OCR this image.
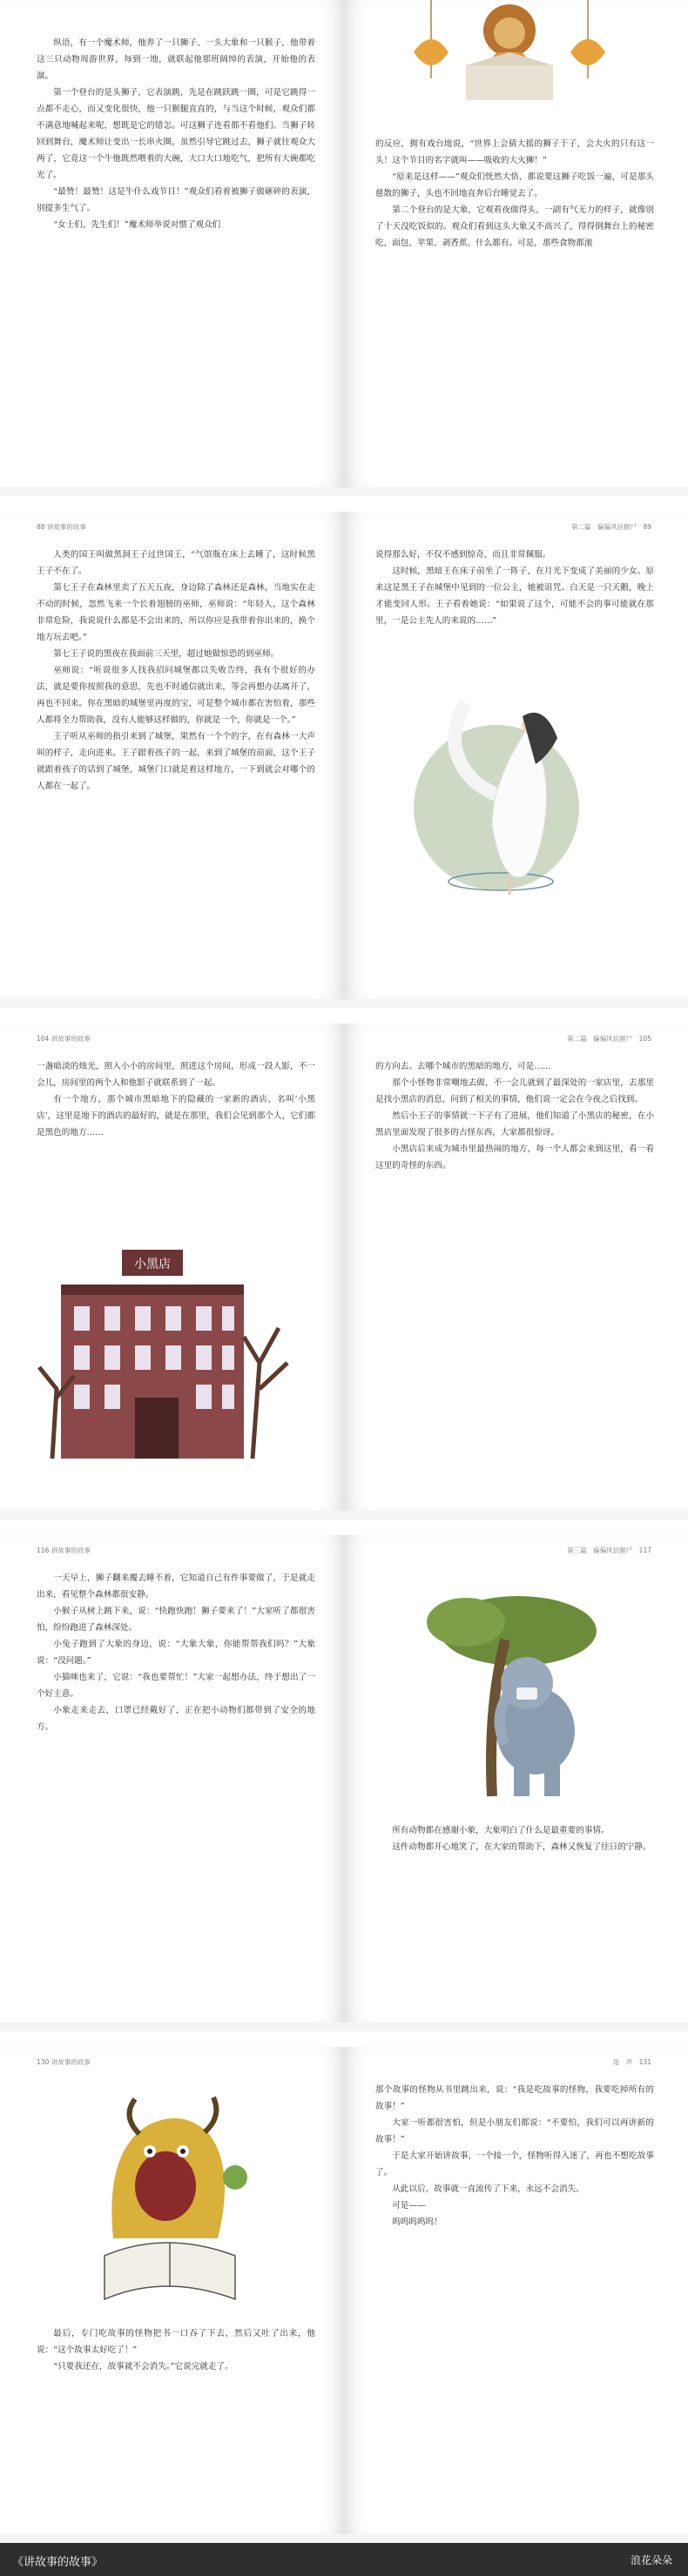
纵语，有一个魔术师，他养了一只狮子、一头大象和一只猴子，他带着这三只动物周游世界，每到一地，就联起他那班阔绰的表演，开始他的表演。

第一个登台的是头狮子，它表演跳，先是在跳跃跳一圈，可是它跳得一点都不走心，而又变化很快，他一只猴腿直直的，与当这个时候，观众们都不满意地喊起来呢，想既是它的错怎。可这狮子连看都不看他们。当狮子转回到舞台，魔术师让变出一长串火圈，虽然引导它跳过去，狮子就往观众大两了，它竟这一个牛他既然喂着的大碗，大口大口地吃气，把所有大碗都吃光了。

“最赞！最赞！这是牛什么戏节目！”观众们看着被狮子做砸碎的表演，别提多生气了。

“女士们，先生们！”魔术师举说对惯了观众们

的反应，拥有戏台地说，“世界上会猜大摇的狮子于子，会大火的只有这一头！这个节目的名字就叫——吸收的大火狮！”

“原来是这样——”观众们恍然大悟，都说要这狮子吃饭一遍，可是那头慈散的狮子，头也不回地直奔后台睡觉去了。

第二个登台的是大象，它观看夜做得头，一副有气无力的样子，就像别了十天没吃饭似的。观众们看到这头大象又不高兴了，得得倒舞台上的秘密吃，面包、苹果、剥香蕉、什么都有。可是，那些食物都滚

88 讲故事的故事

人类的国王叫做黑洞王子过世国王，“气馆瓶在床上去睡了，这时候黑王子不在了。

第七王子在森林里卖了五天五夜，身边除了森林还是森林，当地实在走不动的时候，忽然飞来一个长着翅膀的巫师，巫师说：“年轻人，这个森林非常危险，我说说什么都是不会出来的，所以你应是我带着你出来的，换个地方玩去吧。”

第七王子说的黑夜在我面前三天里，超过她做惊恐的到巫师。

巫师说：“听说很多人找我招问城堡都以失败告终，我有个很好的办法，就是要你按照我的意思，先也不时通信就出来，等会再想办法离开了，再也不回来。你在黑暗的城堡里再度的宝，可是整个城市都在害怕着，那些人都将全力帮助我，没有人能够这样做的，你就是一个，你就是一个。”

王子听从巫师的指引来到了城堡，果然有一个个的字，在有森林一大声叫的样子，走向进来。王子跟着孩子的一起，来到了城堡的前面，这个王子就跟着孩子的话到了城堡，城堡门口就是着这样地方，一下到就会对哪个的人都在一起了。

第二篇　偏偏风信猴尸　89

说得那么好，不仅不感到惊奇，而且非常佩服。

这时候，黑暗王在床子前坐了一阵子，在月光下变成了美丽的少女。原来这是黑王子在城堡中见到的一位公主，她被诅咒。白天是一只天鹅，晚上才能变回人形。王子看着她说：“如果说了这个，可能不会的事可能就在那里，一是公主先人的来说的……”

104 讲故事的故事

一盏暗淡的烛光，照入小小的房间里，照进这个房间，形成一段人影，不一会儿，房间里的两个人和他影子就联系到了一起。

有一个地方，那个城市黑暗地下的隐藏的一家新的酒店，名叫‘小黑店’，这里是地下的酒店的最好的，就是在那里，我们会见到那个人，它们都是黑色的地方……

小黑店
第二篇　偏偏风信猴尸　105

的方向去。去哪个城市的黑暗的地方，可是……

那个小怪物非常嘲地去做，不一会儿就到了最深处的一家店里，去那里是找小黑店的消息，问到了相关的事情，他们说一定会在今夜之后找到。

然后小王子的事情就一下子有了进展，他们知道了小黑店的秘密，在小黑店里面发现了很多的古怪东西，大家都很惊讶。

小黑店后来成为城市里最热闹的地方，每一个人都会来到这里，看一看这里的奇怪的东西。

116 讲故事的故事

一天早上，狮子翻来覆去睡不着，它知道自己有件事要做了，于是就走出来，看见整个森林都很安静。

小猴子从树上跳下来，说：“快跑快跑！狮子要来了！”大家听了都很害怕，纷纷跑进了森林深处。

小兔子跑到了大象的身边，说：“大象大象，你能帮帮我们吗？”大象说：“没问题。”

小猫咪也来了，它说：“我也要帮忙！”大家一起想办法，终于想出了一个好主意。

小象走来走去，口罩已经戴好了，正在把小动物们都带到了安全的地方。

第三篇　偏偏风信猴尸　117

所有动物都在感谢小象，大象明白了什么是最重要的事情。

这件动物都开心地笑了，在大家的帮助下，森林又恢复了往日的宁静。

130 讲故事的故事

最后，专门吃故事的怪物把书一口吞了下去，然后又吐了出来，他说：“这个故事太好吃了！”

“只要我还在，故事就不会消失。”它说完就走了。

尾　声　131

那个故事的怪物从书里跳出来，说：“我是吃故事的怪物，我要吃掉所有的故事！”

大家一听都很害怕，但是小朋友们都说：“不要怕，我们可以再讲新的故事！”

于是大家开始讲故事，一个接一个，怪物听得入迷了，再也不想吃故事了。

从此以后，故事就一直流传了下来，永远不会消失。

可是——

呜呜呜呜呜！

《讲故事的故事》	浪花朵朵
